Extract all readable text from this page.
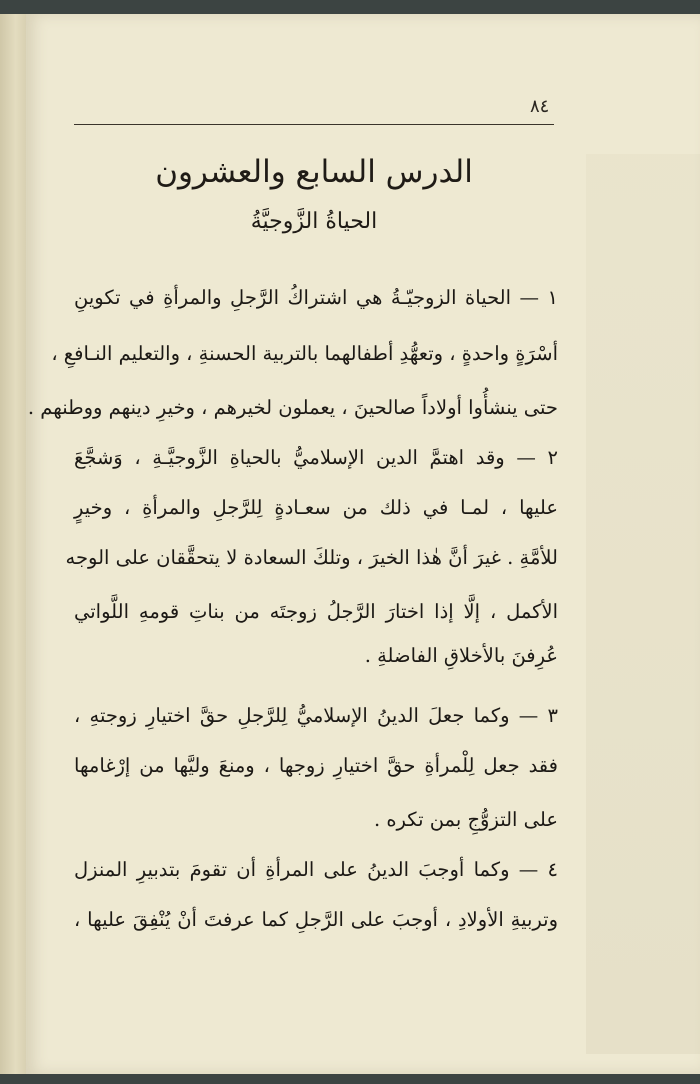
٨٤
الدرس السابع والعشرون
الحياةُ الزَّوجيَّةُ
١ — الحياة الزوجيّـةُ هي اشتراكُ الرَّجلِ والمرأةِ في تكوينِ
أسْرَةٍ واحدةٍ ، وتعهُّدِ أطفالهما بالتربية الحسنةِ ، والتعليم النـافعِ ،
حتى ينشأُوا أولاداً صالحينَ ، يعملون لخيرهم ، وخيرِ دينهم ووطنهم .
٢ — وقد اهتمَّ الدين الإسلاميُّ بالحياةِ الزَّوجيَّـةِ ، وَشجَّعَ
عليها ، لمـا في ذلك من سعـادةٍ لِلرَّجلِ والمرأةِ ، وخيرٍ
للأمَّةِ . غيرَ أنَّ هٰذا الخيرَ ، وتلكَ السعادة لا يتحقَّقان على الوجه
الأكمل ، إلَّا إذا اختارَ الرَّجلُ زوجتَه من بناتِ قومهِ اللَّواتي
عُرِفنَ بالأخلاقِ الفاضلةِ .
٣ — وكما جعلَ الدينُ الإسلاميُّ لِلرَّجلِ حقَّ اختيارِ زوجتهِ ،
فقد جعل لِلْمرأةِ حقَّ اختيارِ زوجها ، ومنعَ وليَّها من إرْغامها
على التزوُّجِ بمن تكره .
٤ — وكما أوجبَ الدينُ على المرأةِ أن تقومَ بتدبيرِ المنزل
وتربيةِ الأولادِ ، أوجبَ على الرَّجلِ كما عرفتَ أنْ يُنْفِقَ عليها ،
